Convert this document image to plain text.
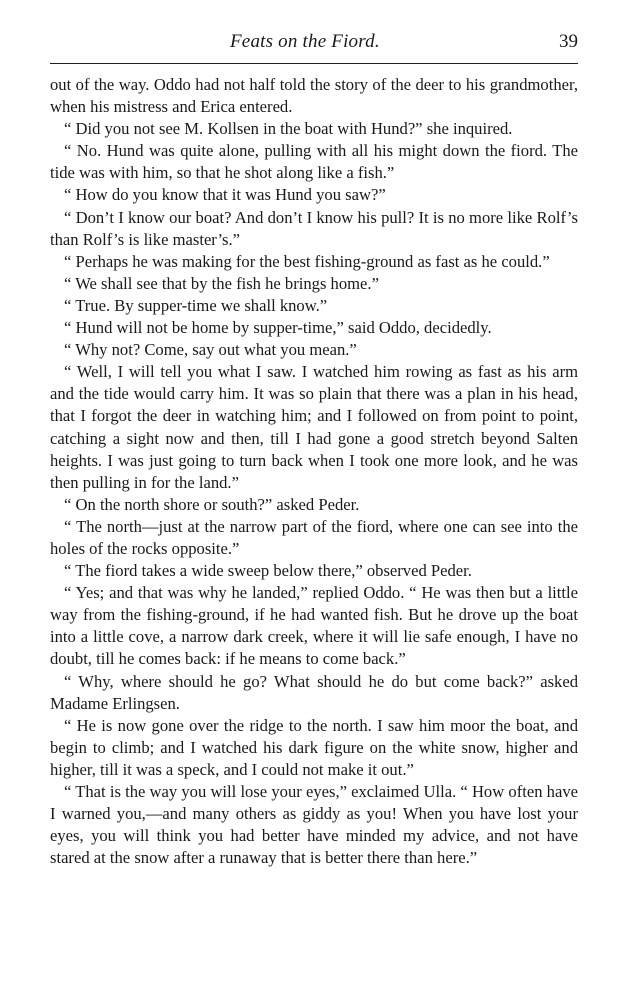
Feats on the Fiord.	39

out of the way. Oddo had not half told the story of the deer to his grandmother, when his mistress and Erica entered.

“ Did you not see M. Kollsen in the boat with Hund?” she inquired.

“ No. Hund was quite alone, pulling with all his might down the fiord. The tide was with him, so that he shot along like a fish.”

“ How do you know that it was Hund you saw?”

“ Don’t I know our boat? And don’t I know his pull? It is no more like Rolf’s than Rolf’s is like master’s.”

“ Perhaps he was making for the best fishing-ground as fast as he could.”

“ We shall see that by the fish he brings home.”

“ True. By supper-time we shall know.”

“ Hund will not be home by supper-time,” said Oddo, decidedly.

“ Why not? Come, say out what you mean.”

“ Well, I will tell you what I saw. I watched him rowing as fast as his arm and the tide would carry him. It was so plain that there was a plan in his head, that I forgot the deer in watching him; and I followed on from point to point, catching a sight now and then, till I had gone a good stretch beyond Salten heights. I was just going to turn back when I took one more look, and he was then pulling in for the land.”

“ On the north shore or south?” asked Peder.

“ The north—just at the narrow part of the fiord, where one can see into the holes of the rocks opposite.”

“ The fiord takes a wide sweep below there,” observed Peder.

“ Yes; and that was why he landed,” replied Oddo. “ He was then but a little way from the fishing-ground, if he had wanted fish. But he drove up the boat into a little cove, a narrow dark creek, where it will lie safe enough, I have no doubt, till he comes back: if he means to come back.”

“ Why, where should he go? What should he do but come back?” asked Madame Erlingsen.

“ He is now gone over the ridge to the north. I saw him moor the boat, and begin to climb; and I watched his dark figure on the white snow, higher and higher, till it was a speck, and I could not make it out.”

“ That is the way you will lose your eyes,” exclaimed Ulla. “ How often have I warned you,—and many others as giddy as you! When you have lost your eyes, you will think you had better have minded my advice, and not have stared at the snow after a runaway that is better there than here.”
